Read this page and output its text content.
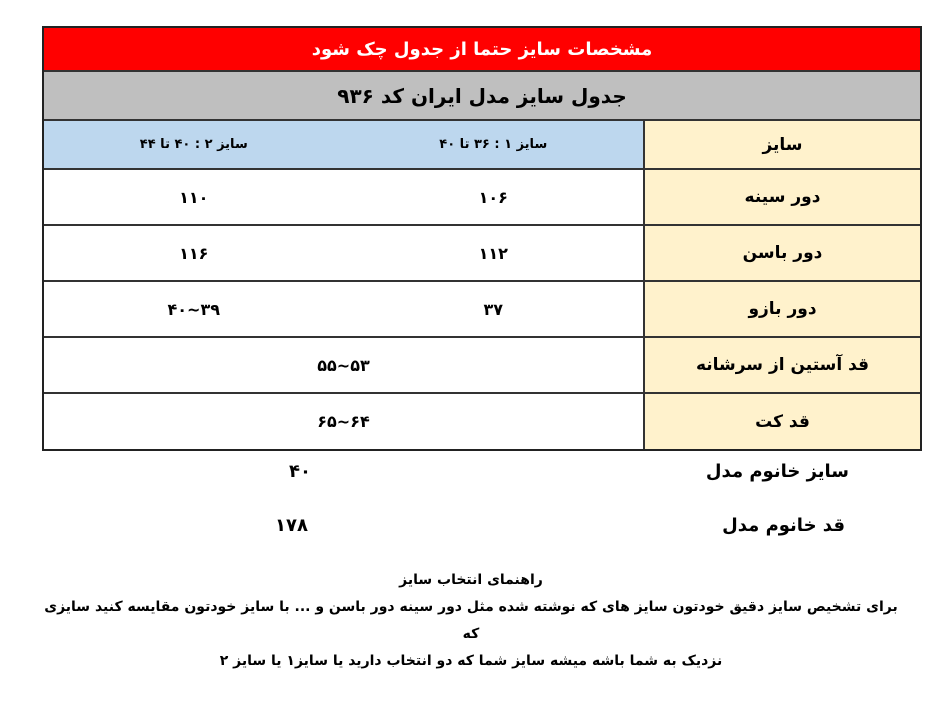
مشخصات سایز حتما از جدول چک شود
جدول سایز مدل ایران کد ۹۳۶
سایز
سایز ۱ : ۳۶ تا ۴۰
سایز ۲ : ۴۰ تا ۴۴
دور سینه
۱۰۶
۱۱۰
دور باسن
۱۱۲
۱۱۶
دور بازو
۳۷
۳۹~۴۰
قد آستین از سرشانه
۵۳~۵۵
قد کت
۶۴~۶۵
سایز خانوم مدل
۴۰
قد خانوم مدل
۱۷۸
راهنمای انتخاب سایز
برای تشخیص سایز دقیق خودتون سایز های که نوشته شده مثل دور سینه دور باسن و ... با سایز خودتون مقایسه کنید سایزی که
نزدیک به شما باشه میشه سایز شما که دو انتخاب دارید یا سایز۱ یا سایز ۲
